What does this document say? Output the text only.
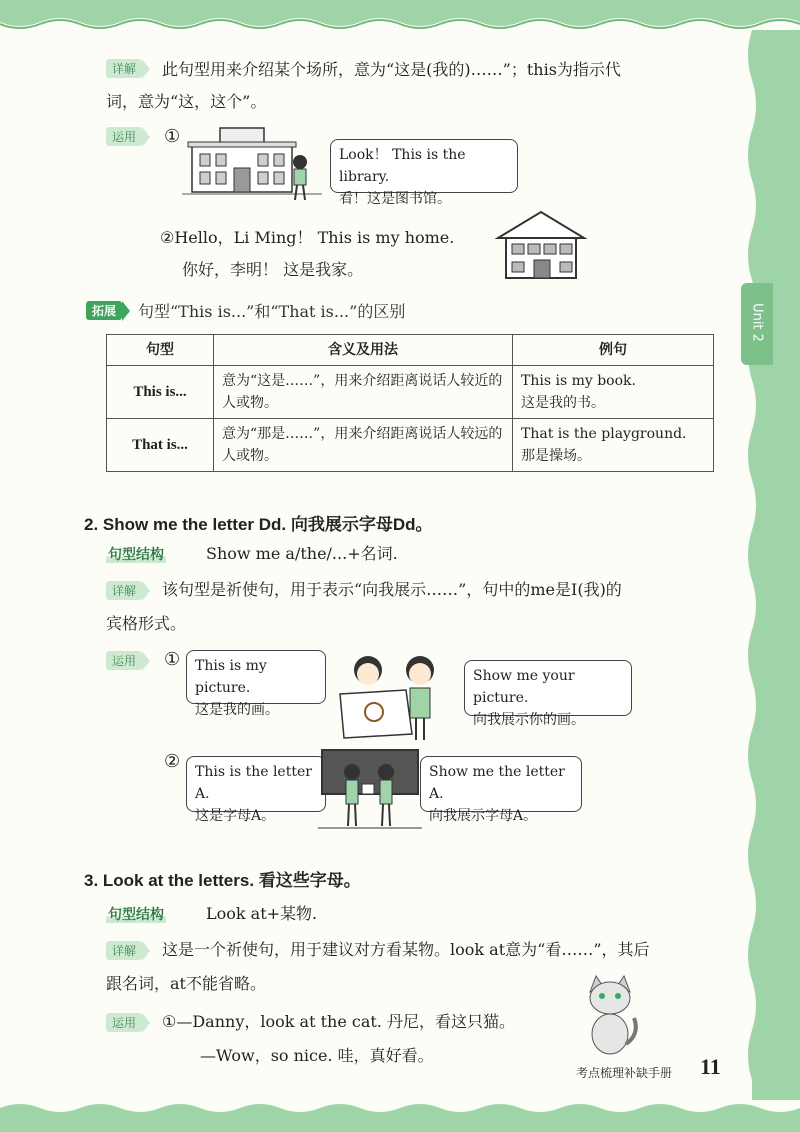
Unit 2
详解	此句型用来介绍某个场所，意为“这是(我的)……”；this为指示代
词，意为“这，这个”。
运用	①
Look！ This is the library.
看！这是图书馆。
②Hello，Li Ming！ This is my home.
你好，李明！ 这是我家。
拓展	句型“This is...”和“That is...”的区别
句型	含义及用法	例句
This is...	意为“这是……”，用来介绍距离说话人较近的人或物。	This is my book.
这是我的书。

That is...	意为“那是……”，用来介绍距离说话人较远的人或物。	That is the playground.
那是操场。
2. Show me the letter Dd. 向我展示字母Dd。
句型结构	Show me a/the/...+名词.
详解	该句型是祈使句，用于表示“向我展示……”，句中的me是I(我)的
宾格形式。
运用	① This is my picture.
这是我的画。
Show me your picture.
向我展示你的画。
② This is the letter A.
这是字母A。
Show me the letter A.
向我展示字母A。
3. Look at the letters. 看这些字母。
句型结构	Look at+某物.
详解	这是一个祈使句，用于建议对方看某物。look at意为“看……”，其后
跟名词，at不能省略。
运用	①—Danny，look at the cat. 丹尼，看这只猫。
—Wow，so nice. 哇，真好看。
考点梳理补缺手册 11
